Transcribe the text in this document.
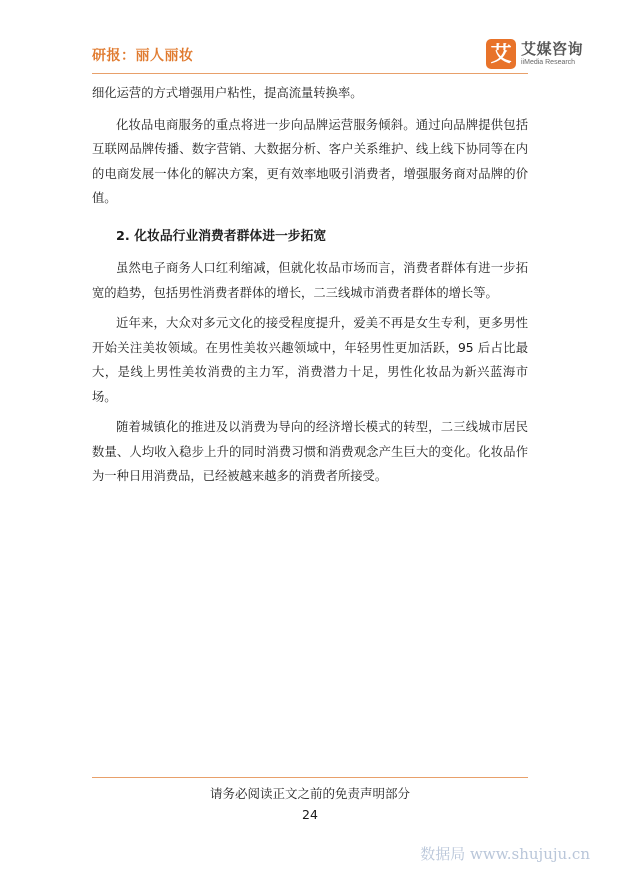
研报：丽人丽妆	艾 艾媒咨询
iiMedia Research

细化运营的方式增强用户粘性，提高流量转换率。

化妆品电商服务的重点将进一步向品牌运营服务倾斜。通过向品牌提供包括互联网品牌传播、数字营销、大数据分析、客户关系维护、线上线下协同等在内的电商发展一体化的解决方案，更有效率地吸引消费者，增强服务商对品牌的价值。

2. 化妆品行业消费者群体进一步拓宽

虽然电子商务人口红利缩减，但就化妆品市场而言，消费者群体有进一步拓宽的趋势，包括男性消费者群体的增长，二三线城市消费者群体的增长等。

近年来，大众对多元文化的接受程度提升，爱美不再是女生专利，更多男性开始关注美妆领域。在男性美妆兴趣领域中，年轻男性更加活跃，95 后占比最大，是线上男性美妆消费的主力军，消费潜力十足，男性化妆品为新兴蓝海市场。

随着城镇化的推进及以消费为导向的经济增长模式的转型，二三线城市居民数量、人均收入稳步上升的同时消费习惯和消费观念产生巨大的变化。化妆品作为一种日用消费品，已经被越来越多的消费者所接受。

请务必阅读正文之前的免责声明部分
24
数据局 www.shujuju.cn
